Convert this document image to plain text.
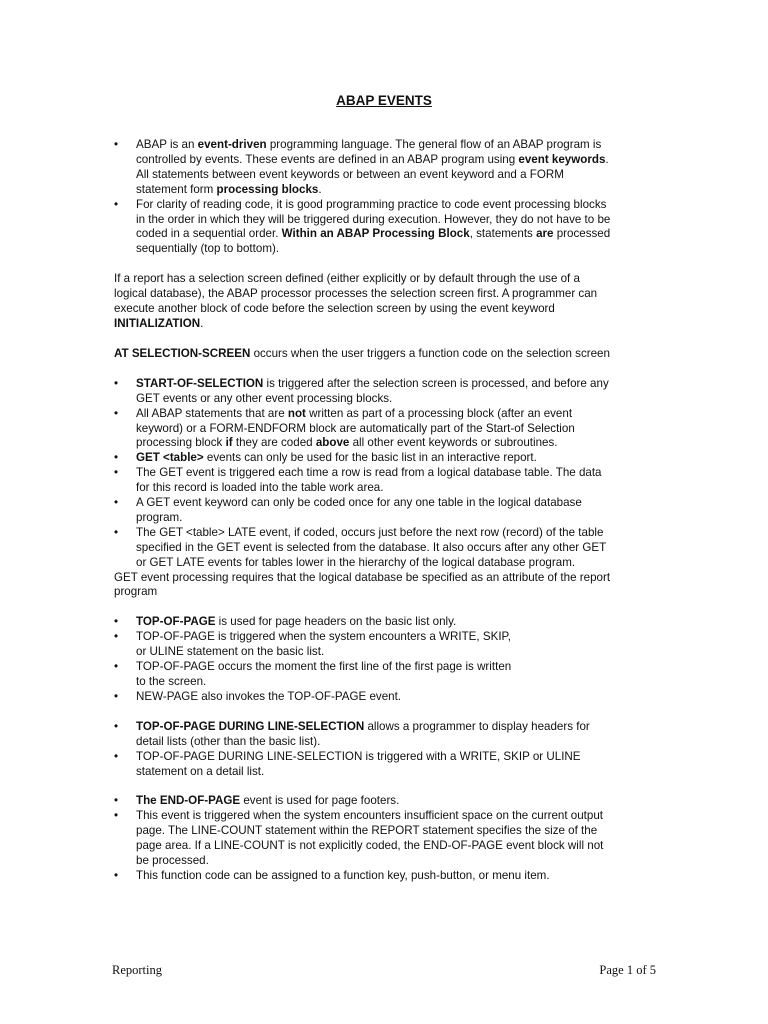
ABAP EVENTS
• ABAP is an event-driven programming language. The general flow of an ABAP program is
controlled by events. These events are defined in an ABAP program using event keywords.
All statements between event keywords or between an event keyword and a FORM
statement form processing blocks.
• For clarity of reading code, it is good programming practice to code event processing blocks
in the order in which they will be triggered during execution. However, they do not have to be
coded in a sequential order. Within an ABAP Processing Block, statements are processed
sequentially (top to bottom).

If a report has a selection screen defined (either explicitly or by default through the use of a
logical database), the ABAP processor processes the selection screen first. A programmer can
execute another block of code before the selection screen by using the event keyword
INITIALIZATION.

AT SELECTION-SCREEN occurs when the user triggers a function code on the selection screen

• START-OF-SELECTION is triggered after the selection screen is processed, and before any
GET events or any other event processing blocks.
• All ABAP statements that are not written as part of a processing block (after an event
keyword) or a FORM-ENDFORM block are automatically part of the Start-of Selection
processing block if they are coded above all other event keywords or subroutines.
• GET <table> events can only be used for the basic list in an interactive report.
• The GET event is triggered each time a row is read from a logical database table. The data
for this record is loaded into the table work area.
• A GET event keyword can only be coded once for any one table in the logical database
program.
• The GET <table> LATE event, if coded, occurs just before the next row (record) of the table
specified in the GET event is selected from the database. It also occurs after any other GET
or GET LATE events for tables lower in the hierarchy of the logical database program.

GET event processing requires that the logical database be specified as an attribute of the report
program

• TOP-OF-PAGE is used for page headers on the basic list only.
• TOP-OF-PAGE is triggered when the system encounters a WRITE, SKIP,
or ULINE statement on the basic list.
• TOP-OF-PAGE occurs the moment the first line of the first page is written
to the screen.
• NEW-PAGE also invokes the TOP-OF-PAGE event.
• TOP-OF-PAGE DURING LINE-SELECTION allows a programmer to display headers for
detail lists (other than the basic list).
• TOP-OF-PAGE DURING LINE-SELECTION is triggered with a WRITE, SKIP or ULINE
statement on a detail list.
• The END-OF-PAGE event is used for page footers.
• This event is triggered when the system encounters insufficient space on the current output
page. The LINE-COUNT statement within the REPORT statement specifies the size of the
page area. If a LINE-COUNT is not explicitly coded, the END-OF-PAGE event block will not
be processed.
• This function code can be assigned to a function key, push-button, or menu item.
Reporting	Page 1 of 5
